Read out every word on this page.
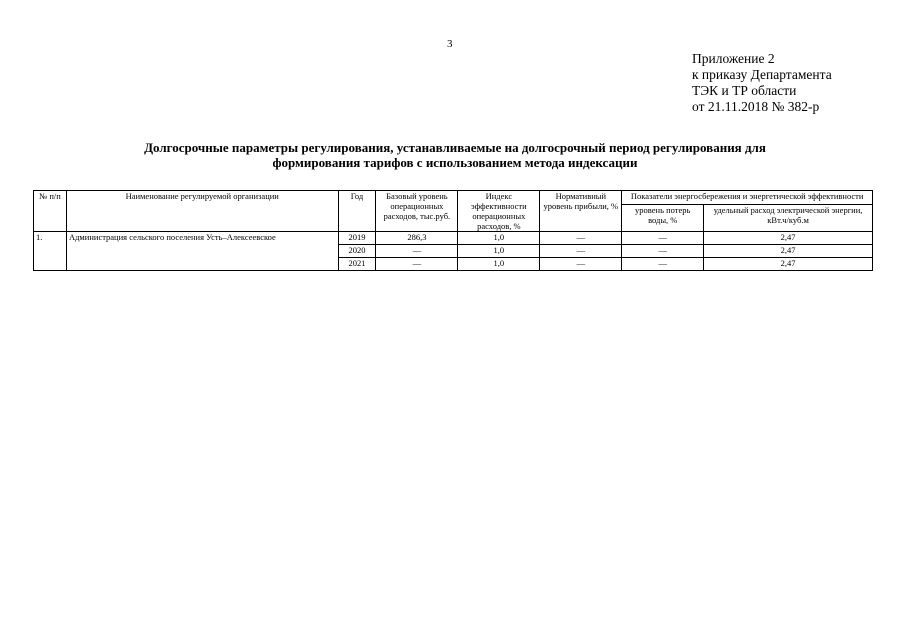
3
Приложение 2
к приказу Департамента
ТЭК и ТР области
от 21.11.2018 № 382-р
Долгосрочные параметры регулирования, устанавливаемые на долгосрочный период регулирования для
формирования тарифов с использованием метода индексации
№ п/п	Наименование регулируемой организации	Год	Базовый уровень операционных расходов, тыс.руб.	Индекс эффективности операционных расходов, %	Нормативный уровень прибыли, %	Показатели энергосбережения и энергетической эффективности	
						уровень потерь воды, %	удельный расход электрической энергии, кВт.ч/куб.м
1.	Администрация сельского поселения Усть–Алексеевское	2019	286,3	1,0	—	—	2,47
		2020	—	1,0	—	—	2,47
		2021	—	1,0	—	—	2,47
